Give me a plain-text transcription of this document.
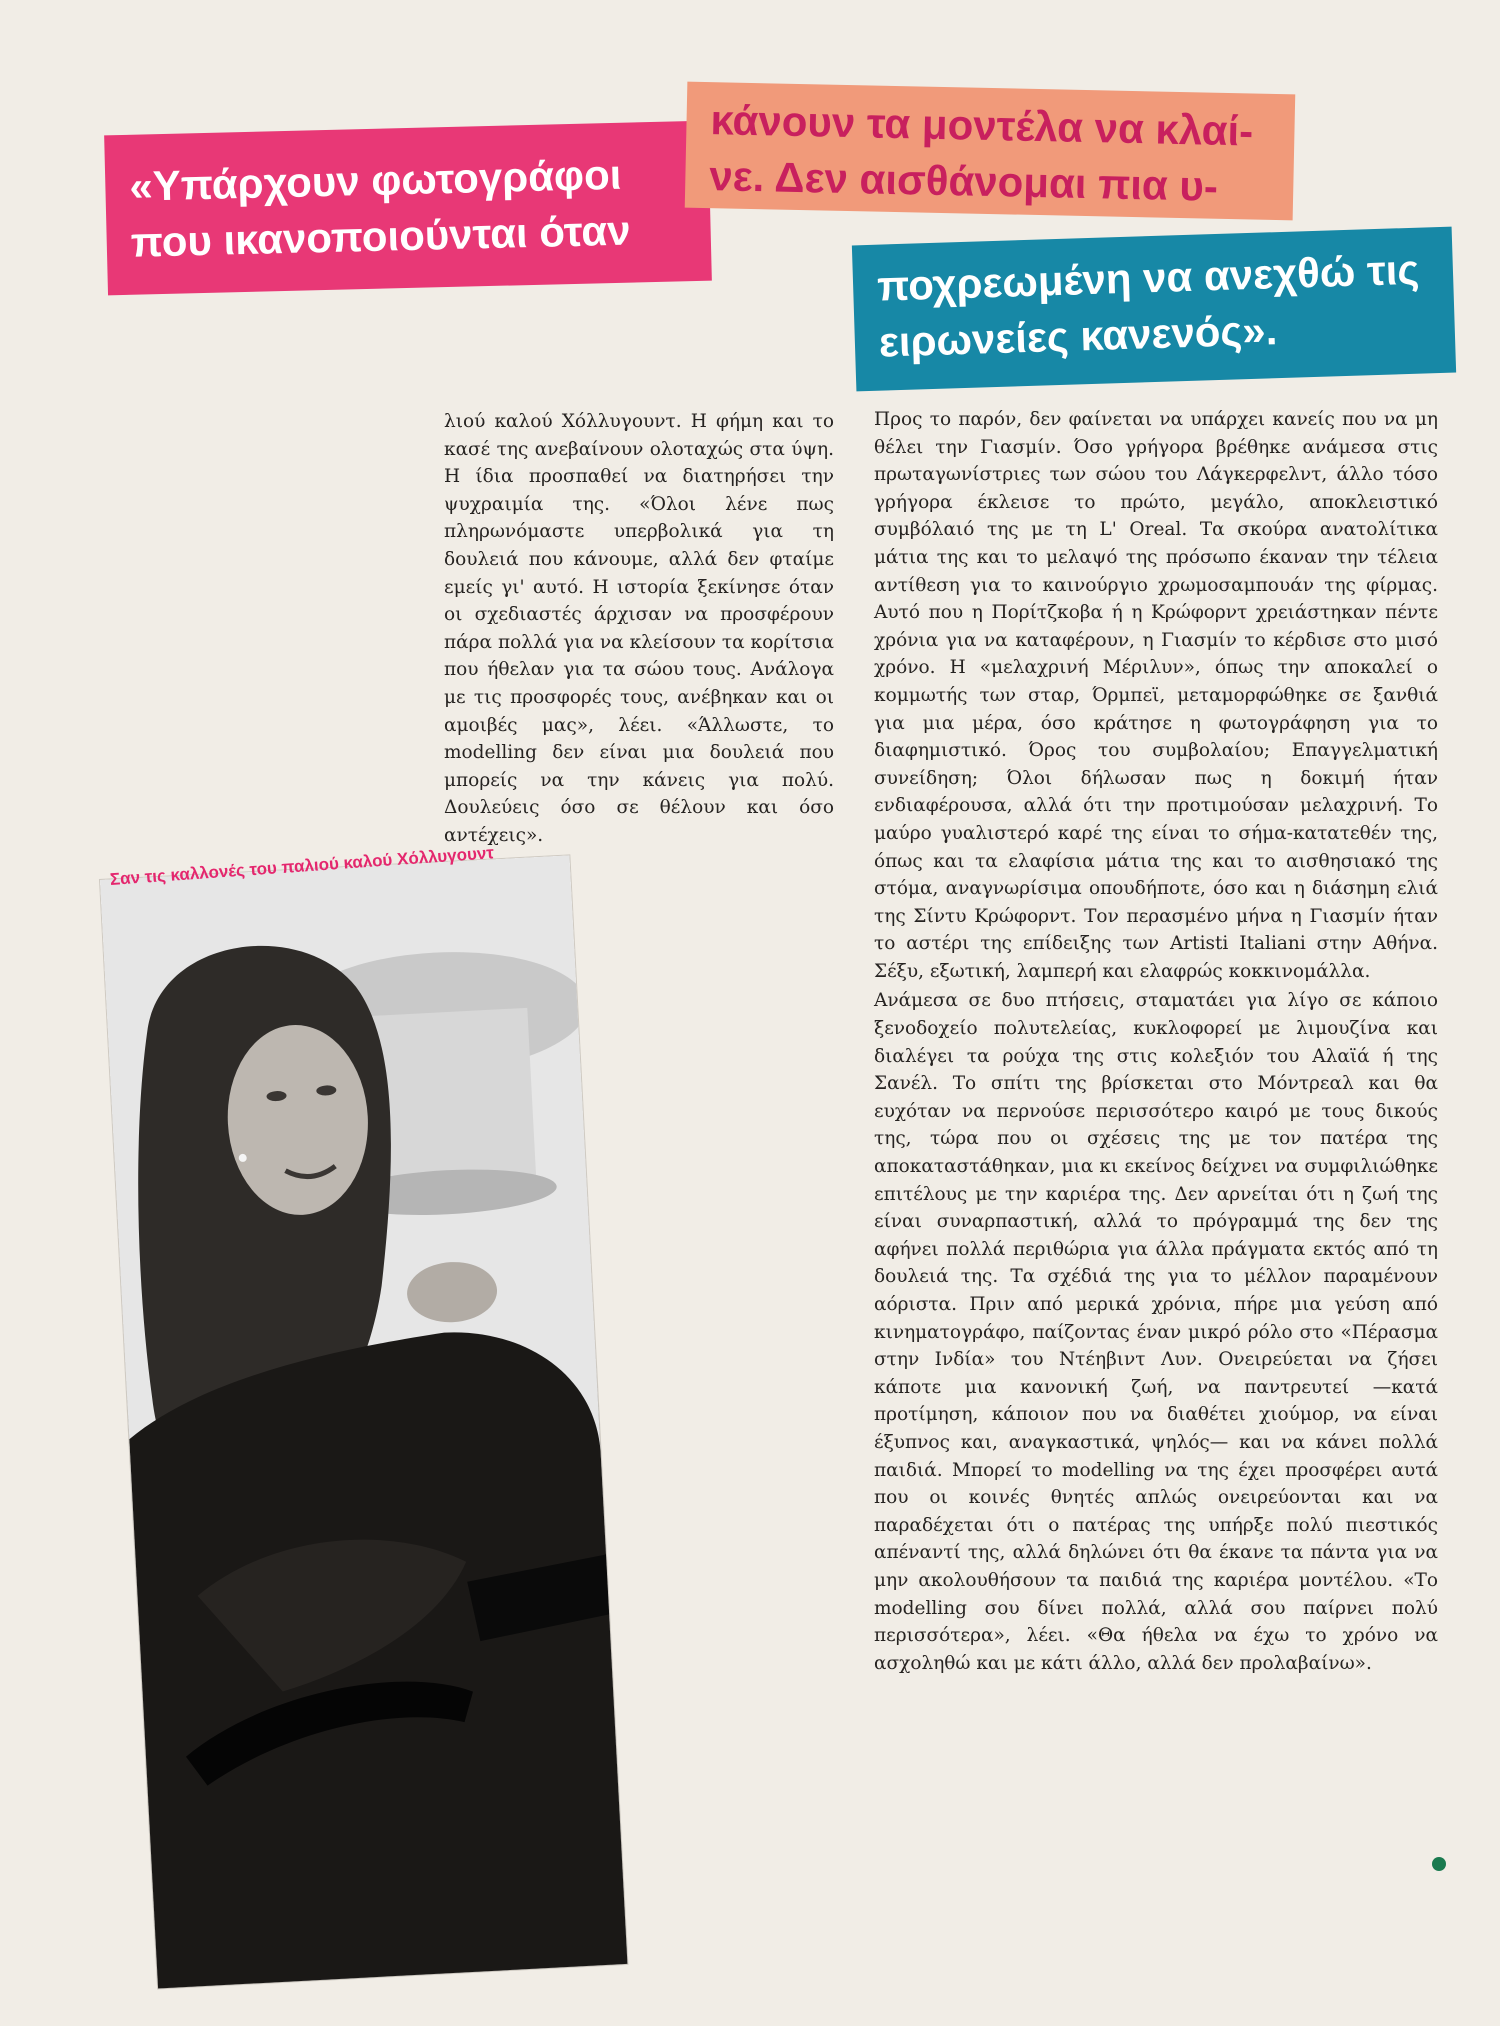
«Υπάρχουν φωτογράφοι
που ικανοποιούνται όταν
κάνουν τα μοντέλα να κλαί-
νε. Δεν αισθάνομαι πια υ-
ποχρεωμένη να ανεχθώ τις
ειρωνείες κανενός».

λιού καλού Χόλλυγουντ. Η φήμη και το κασέ της ανεβαίνουν ολοταχώς στα ύψη. Η ίδια προσπαθεί να διατηρήσει την ψυχραιμία της. «Όλοι λένε πως πληρωνόμαστε υπερβολικά για τη δουλειά που κάνουμε, αλλά δεν φταίμε εμείς γι' αυτό. Η ιστορία ξεκίνησε όταν οι σχεδιαστές άρχισαν να προσφέρουν πάρα πολλά για να κλείσουν τα κορίτσια που ήθελαν για τα σώου τους. Ανάλογα με τις προσφορές τους, ανέβηκαν και οι αμοιβές μας», λέει. «Άλλωστε, το modelling δεν είναι μια δουλειά που μπορείς να την κάνεις για πολύ. Δουλεύεις όσο σε θέλουν και όσο αντέχεις».

Προς το παρόν, δεν φαίνεται να υπάρχει κανείς που να μη θέλει την Γιασμίν. Όσο γρήγορα βρέθηκε ανάμεσα στις πρωταγωνίστριες των σώου του Λάγκερφελντ, άλλο τόσο γρήγορα έκλεισε το πρώτο, μεγάλο, αποκλειστικό συμβόλαιό της με τη L' Oreal. Τα σκούρα ανατολίτικα μάτια της και το μελαψό της πρόσωπο έκαναν την τέλεια αντίθεση για το καινούργιο χρωμοσαμπουάν της φίρμας. Αυτό που η Πορίτζκοβα ή η Κρώφορντ χρειάστηκαν πέντε χρόνια για να καταφέρουν, η Γιασμίν το κέρδισε στο μισό χρόνο. Η «μελαχρινή Μέριλυν», όπως την αποκαλεί ο κομμωτής των σταρ, Όρμπεϊ, μεταμορφώθηκε σε ξανθιά για μια μέρα, όσο κράτησε η φωτογράφηση για το διαφημιστικό. Όρος του συμβολαίου; Επαγγελματική συνείδηση; Όλοι δήλωσαν πως η δοκιμή ήταν ενδιαφέρουσα, αλλά ότι την προτιμούσαν μελαχρινή. Το μαύρο γυαλιστερό καρέ της είναι το σήμα-κατατεθέν της, όπως και τα ελαφίσια μάτια της και το αισθησιακό της στόμα, αναγνωρίσιμα οπουδήποτε, όσο και η διάσημη ελιά της Σίντυ Κρώφορντ. Τον περασμένο μήνα η Γιασμίν ήταν το αστέρι της επίδειξης των Artisti Italiani στην Αθήνα. Σέξυ, εξωτική, λαμπερή και ελαφρώς κοκκινομάλλα.

Ανάμεσα σε δυο πτήσεις, σταματάει για λίγο σε κάποιο ξενοδοχείο πολυτελείας, κυκλοφορεί με λιμουζίνα και διαλέγει τα ρούχα της στις κολεξιόν του Αλαϊά ή της Σανέλ. Το σπίτι της βρίσκεται στο Μόντρεαλ και θα ευχόταν να περνούσε περισσότερο καιρό με τους δικούς της, τώρα που οι σχέσεις της με τον πατέρα της αποκαταστάθηκαν, μια κι εκείνος δείχνει να συμφιλιώθηκε επιτέλους με την καριέρα της. Δεν αρνείται ότι η ζωή της είναι συναρπαστική, αλλά το πρόγραμμά της δεν της αφήνει πολλά περιθώρια για άλλα πράγματα εκτός από τη δουλειά της. Τα σχέδιά της για το μέλλον παραμένουν αόριστα. Πριν από μερικά χρόνια, πήρε μια γεύση από κινηματογράφο, παίζοντας έναν μικρό ρόλο στο «Πέρασμα στην Ινδία» του Ντέηβιντ Λυν. Ονειρεύεται να ζήσει κάποτε μια κανονική ζωή, να παντρευτεί —κατά προτίμηση, κάποιον που να διαθέτει χιούμορ, να είναι έξυπνος και, αναγκαστικά, ψηλός— και να κάνει πολλά παιδιά. Μπορεί το modelling να της έχει προσφέρει αυτά που οι κοινές θνητές απλώς ονειρεύονται και να παραδέχεται ότι ο πατέρας της υπήρξε πολύ πιεστικός απέναντί της, αλλά δηλώνει ότι θα έκανε τα πάντα για να μην ακολουθήσουν τα παιδιά της καριέρα μοντέλου. «Το modelling σου δίνει πολλά, αλλά σου παίρνει πολύ περισσότερα», λέει. «Θα ήθελα να έχω το χρόνο να ασχοληθώ και με κάτι άλλο, αλλά δεν προλαβαίνω».

Σαν τις καλλονές του παλιού καλού Χόλλυγουντ
